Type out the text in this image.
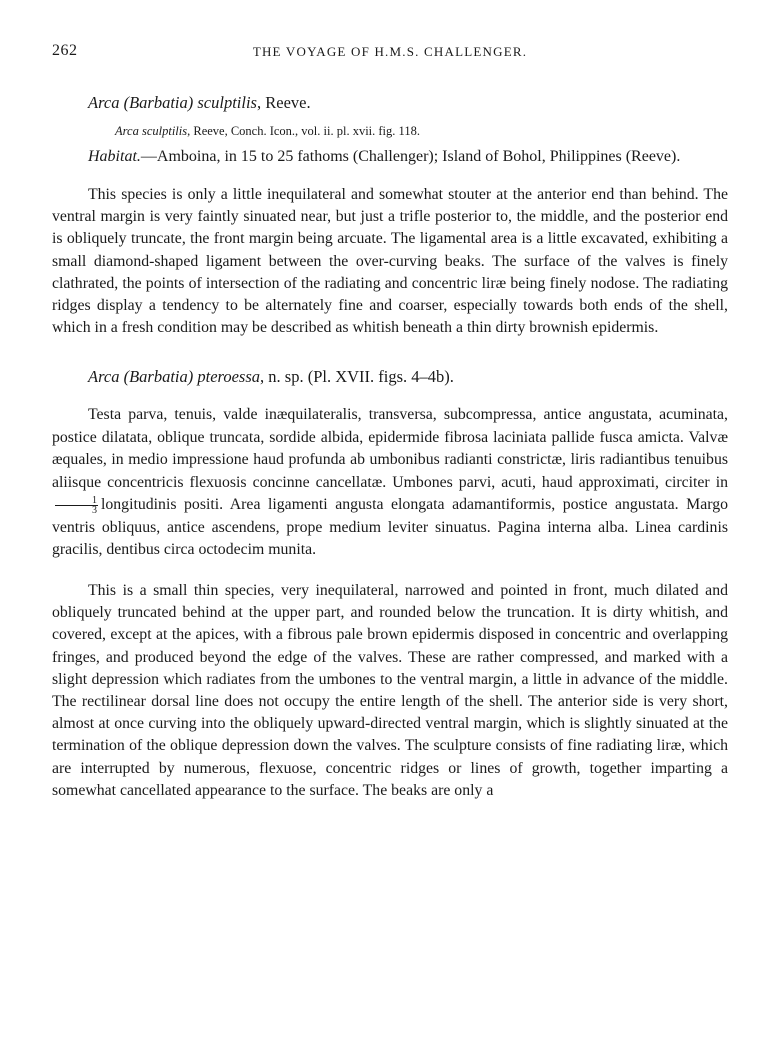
262	THE VOYAGE OF H.M.S. CHALLENGER.
Arca (Barbatia) sculptilis, Reeve.
Arca sculptilis, Reeve, Conch. Icon., vol. ii. pl. xvii. fig. 118.

Habitat.—Amboina, in 15 to 25 fathoms (Challenger); Island of Bohol, Philippines (Reeve).

This species is only a little inequilateral and somewhat stouter at the anterior end than behind. The ventral margin is very faintly sinuated near, but just a trifle posterior to, the middle, and the posterior end is obliquely truncate, the front margin being arcuate. The ligamental area is a little excavated, exhibiting a small diamond-shaped ligament between the over-curving beaks. The surface of the valves is finely clathrated, the points of intersection of the radiating and concentric liræ being finely nodose. The radiating ridges display a tendency to be alternately fine and coarser, especially towards both ends of the shell, which in a fresh condition may be described as whitish beneath a thin dirty brownish epidermis.

Arca (Barbatia) pteroessa, n. sp. (Pl. XVII. figs. 4–4b).

Testa parva, tenuis, valde inæquilateralis, transversa, subcompressa, antice angustata, acuminata, postice dilatata, oblique truncata, sordide albida, epidermide fibrosa laciniata pallide fusca amicta. Valvæ æquales, in medio impressione haud profunda ab umbonibus radianti constrictæ, liris radiantibus tenuibus aliisque concentricis flexuosis concinne cancellatæ. Umbones parvi, acuti, haud approximati, circiter in
$\frac{1}{3}$ longitudinis positi. Area ligamenti angusta elongata adamantiformis, postice angustata. Margo ventris obliquus, antice ascendens, prope medium leviter sinuatus. Pagina interna alba. Linea cardinis gracilis, dentibus circa octodecim munita.

This is a small thin species, very inequilateral, narrowed and pointed in front, much dilated and obliquely truncated behind at the upper part, and rounded below the truncation. It is dirty whitish, and covered, except at the apices, with a fibrous pale brown epidermis disposed in concentric and overlapping fringes, and produced beyond the edge of the valves. These are rather compressed, and marked with a slight depression which radiates from the umbones to the ventral margin, a little in advance of the middle. The rectilinear dorsal line does not occupy the entire length of the shell. The anterior side is very short, almost at once curving into the obliquely upward-directed ventral margin, which is slightly sinuated at the termination of the oblique depression down the valves. The sculpture consists of fine radiating liræ, which are interrupted by numerous, flexuose, concentric ridges or lines of growth, together imparting a somewhat cancellated appearance to the surface. The beaks are only a
